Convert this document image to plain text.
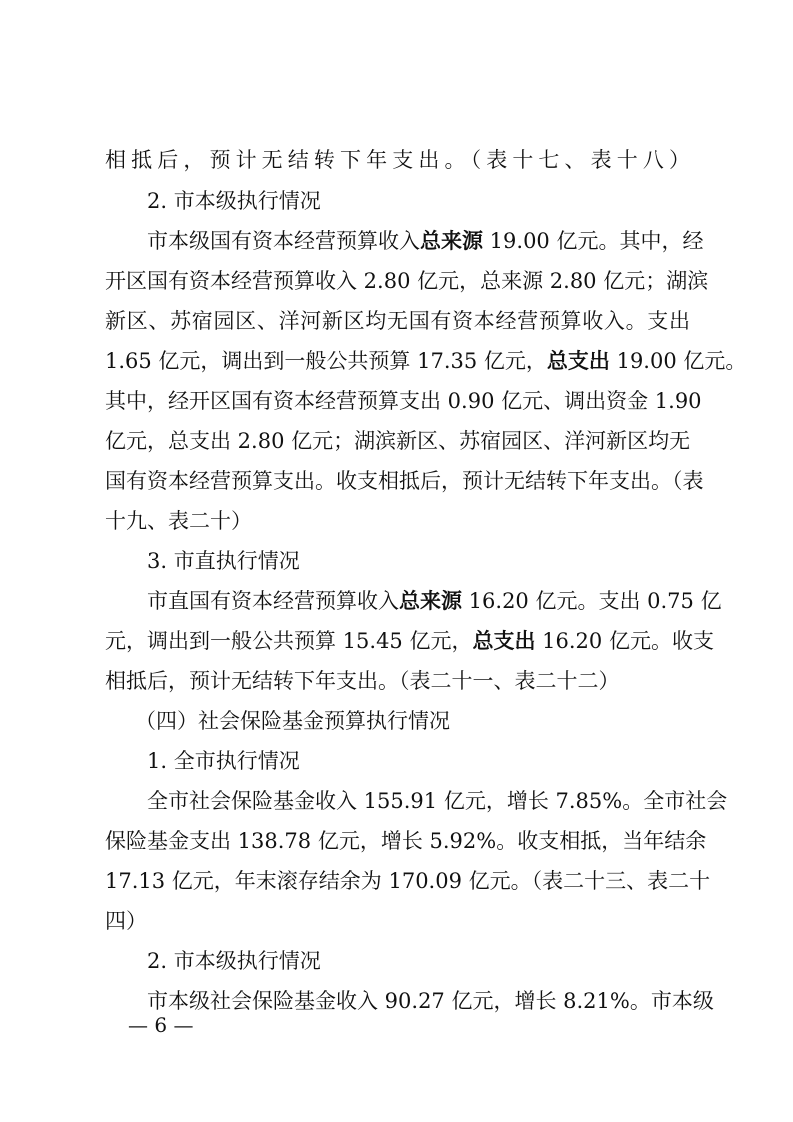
相抵后，预计无结转下年支出。（表十七、表十八）
2. 市本级执行情况
市本级国有资本经营预算收入总来源 19.00 亿元。其中，经
开区国有资本经营预算收入 2.80 亿元，总来源 2.80 亿元；湖滨
新区、苏宿园区、洋河新区均无国有资本经营预算收入。支出
1.65 亿元，调出到一般公共预算 17.35 亿元，总支出 19.00 亿元。
其中，经开区国有资本经营预算支出 0.90 亿元、调出资金 1.90
亿元，总支出 2.80 亿元；湖滨新区、苏宿园区、洋河新区均无
国有资本经营预算支出。收支相抵后，预计无结转下年支出。（表
十九、表二十）
3. 市直执行情况
市直国有资本经营预算收入总来源 16.20 亿元。支出 0.75 亿
元，调出到一般公共预算 15.45 亿元，总支出 16.20 亿元。收支
相抵后，预计无结转下年支出。（表二十一、表二十二）
（四）社会保险基金预算执行情况
1. 全市执行情况
全市社会保险基金收入 155.91 亿元，增长 7.85%。全市社会
保险基金支出 138.78 亿元，增长 5.92%。收支相抵，当年结余
17.13 亿元，年末滚存结余为 170.09 亿元。（表二十三、表二十
四）
2. 市本级执行情况
市本级社会保险基金收入 90.27 亿元，增长 8.21%。市本级
— 6 —
